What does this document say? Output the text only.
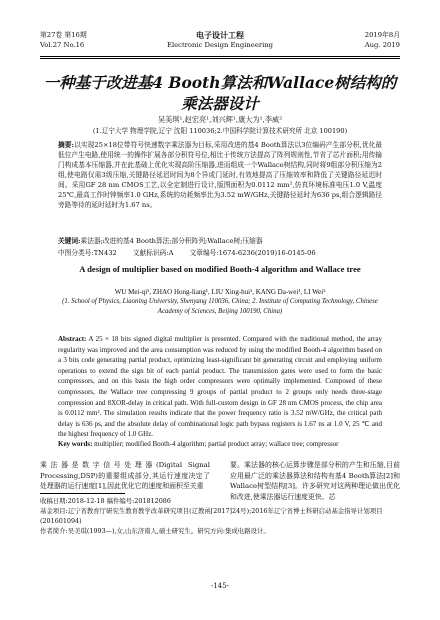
第27卷 第16期
Vol.27 No.16
电子设计工程
Electronic Design Engineering
2019年8月
Aug. 2019
一种基于改进基4 Booth算法和Wallace树结构的乘法器设计
吴美琪¹,赵宏亮¹,刘兴辉¹,康大为¹,李威²
(1.辽宁大学 物理学院,辽宁 沈阳 110036;2.中国科学院计算技术研究所 北京 100190)
摘要:以实现25×18位带符号快速数字乘法器为目标,采用改进的基4 Booth算法以3位编码产生部分积,优化最低位产生电路,使用统一的操作扩展各部分积符号位,相比于传统方法提高了阵列规则性,节省了芯片面积;用传输门构成基本压缩器,并在此基础上优化实现高阶压缩器,进而组成一个Wallace树结构,同时将9组部分积压缩为2组,使电路仅需3级压缩,关键路径延迟时间为8个异或门延时,有效地提高了压缩效率和降低了关键路径延迟时间。采用GF 28 nm CMOS工艺,以全定制进行设计,版图面积为0.0112 mm²,仿真环境标准电压1.0 V,温度25℃,最高工作时钟频率1.0 GHz,系统的功耗频率比为3.52 mW/GHz,关键路径延时为636 ps,组合逻辑路径旁路等待的延时延时为1.67 ns。
关键词:乘法器;改进的基4 Booth算法;部分积阵列;Wallace树;压缩器
中图分类号:TN432 文献标识码:A 文章编号:1674-6236(2019)16-0145-06
A design of multiplier based on modified Booth-4 algorithm and Wallace tree
WU Mei-qi¹, ZHAO Hong-liang¹, LIU Xing-hui¹, KANG Da-wei¹, LI Wei²
(1. School of Physics, Liaoning University, Shenyang 110036, China; 2. Institute of Computing Technology, Chinese Academy of Sciences, Beijing 100190, China)
Abstract: A 25 × 18 bits signed digital multiplier is presented. Compared with the traditional method, the array regularity was improved and the area consumption was reduced by using the modified Booth-4 algorithm based on a 3 bits code generating partial product, optimizing least-significant bit generating circuit and employing uniform operations to extend the sign bit of each partial product. The transmission gates were used to form the basic compressors, and on this basis the high order compressors were optimally implemented. Composed of these compressors, the Wallace tree compressing 9 groups of partial product to 2 groups only needs three-stage compression and 8XOR-delay in critical path. With full-custom design in GF 28 nm CMOS process, the chip area is 0.0112 mm². The simulation results indicate that the power frequency ratio is 3.52 mW/GHz, the critical path delay is 636 ps, and the absolute delay of combinational logic path bypass registers is 1.67 ns at 1.0 V, 25 ℃ and the highest frequency of 1.0 GHz.
Key words: multiplier; modified Booth-4 algorithm; partial product array; wallace tree; compressor
乘法器是数字信号处理器(Digital Signal Processing,DSP)的重要组成部分,其运行速度决定了处理器的运行速度[1],因此优化它的速度和面积至关重
要。乘法器的核心运算步骤是部分积的产生和压缩,目前应用最广泛的乘法器算法和结构有基4 Booth算法[2]和Wallace树型结构[3]。许多研究对这两种理论做出优化和改进,使乘法器运行速度更快、芯
收稿日期:2018-12-18 稿件编号:201812086
基金项目:辽宁省教育厅研究生教育教学改革研究项目(辽教函[2017]24号);2016年辽宁省博士科研启动基金指导计划项目(201601094)
作者简介:吴美琪(1993—),女,山东济南人,硕士研究生。研究方向:集成电路设计。
-145-
